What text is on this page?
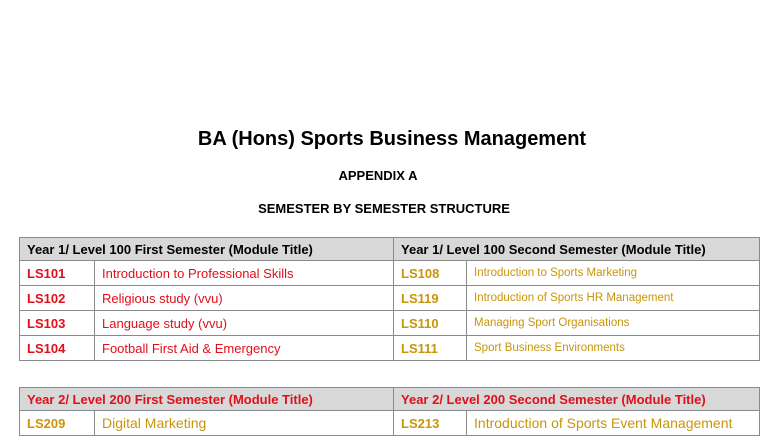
BA (Hons) Sports Business Management
APPENDIX A
SEMESTER BY SEMESTER STRUCTURE
Year 1/ Level 100 First Semester (Module Title)		Year 1/ Level 100 Second Semester (Module Title)	
LS101	Introduction to Professional Skills	LS108	Introduction to Sports Marketing
LS102	Religious study (vvu)	LS119	Introduction of Sports HR Management
LS103	Language study (vvu)	LS110	Managing Sport Organisations
LS104	Football First Aid & Emergency	LS111	Sport Business Environments
Year 2/ Level 200 First Semester (Module Title)		Year 2/ Level 200 Second Semester (Module Title)	
LS209	Digital Marketing	LS213	Introduction of Sports Event Management
